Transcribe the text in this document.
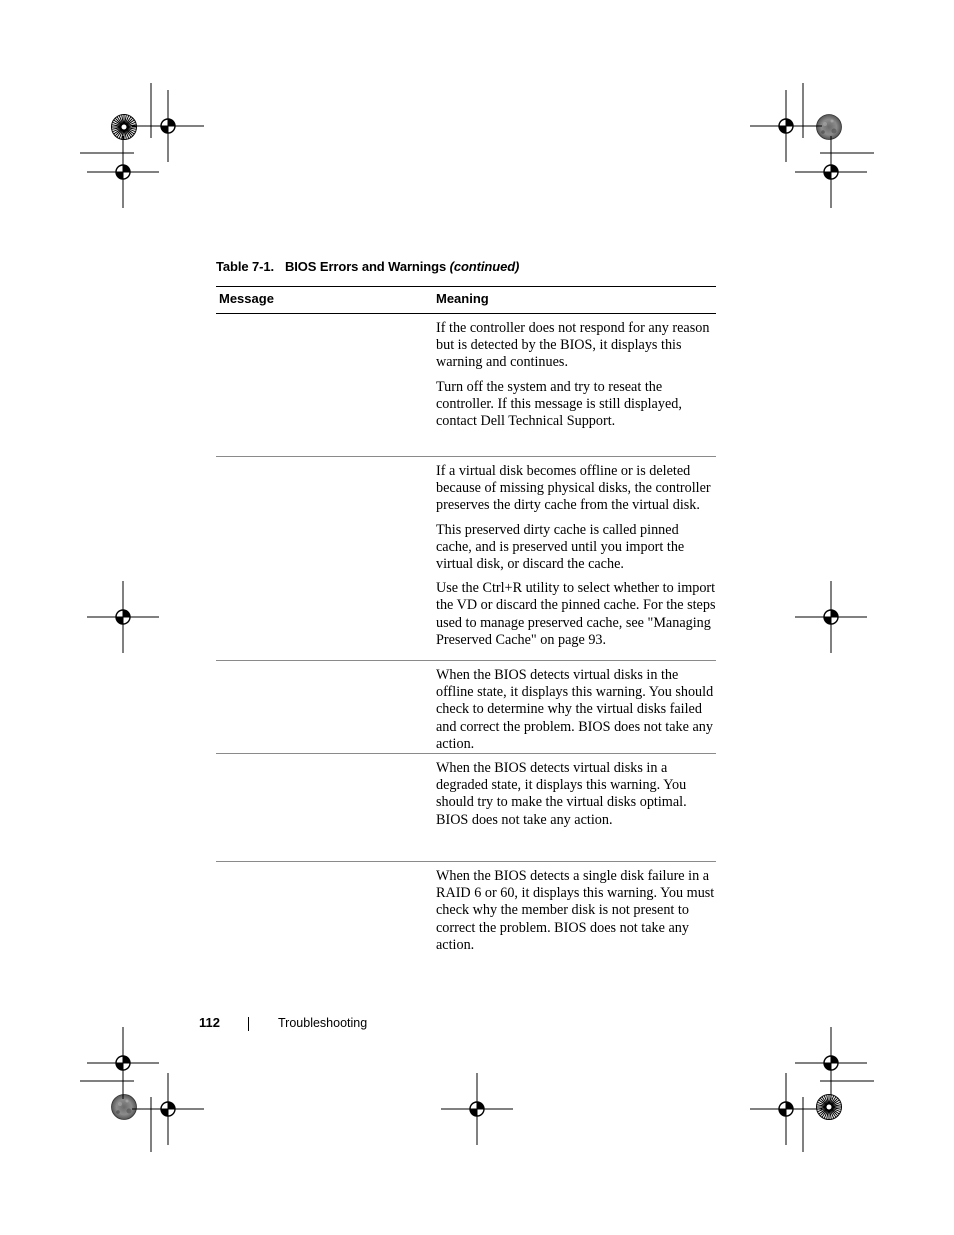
Table 7-1. BIOS Errors and Warnings (continued)
Message	Meaning

If the controller does not respond for any reason but is detected by the BIOS, it displays this warning and continues.

Turn off the system and try to reseat the controller. If this message is still displayed, contact Dell Technical Support.

If a virtual disk becomes offline or is deleted because of missing physical disks, the controller preserves the dirty cache from the virtual disk.

This preserved dirty cache is called pinned cache, and is preserved until you import the virtual disk, or discard the cache.

Use the Ctrl+R utility to select whether to import the VD or discard the pinned cache. For the steps used to manage preserved cache, see "Managing Preserved Cache" on page 93.

When the BIOS detects virtual disks in the offline state, it displays this warning. You should check to determine why the virtual disks failed and correct the problem. BIOS does not take any action.

When the BIOS detects virtual disks in a degraded state, it displays this warning. You should try to make the virtual disks optimal. BIOS does not take any action.

When the BIOS detects a single disk failure in a RAID 6 or 60, it displays this warning. You must check why the member disk is not present to correct the problem. BIOS does not take any action.

112	Troubleshooting
